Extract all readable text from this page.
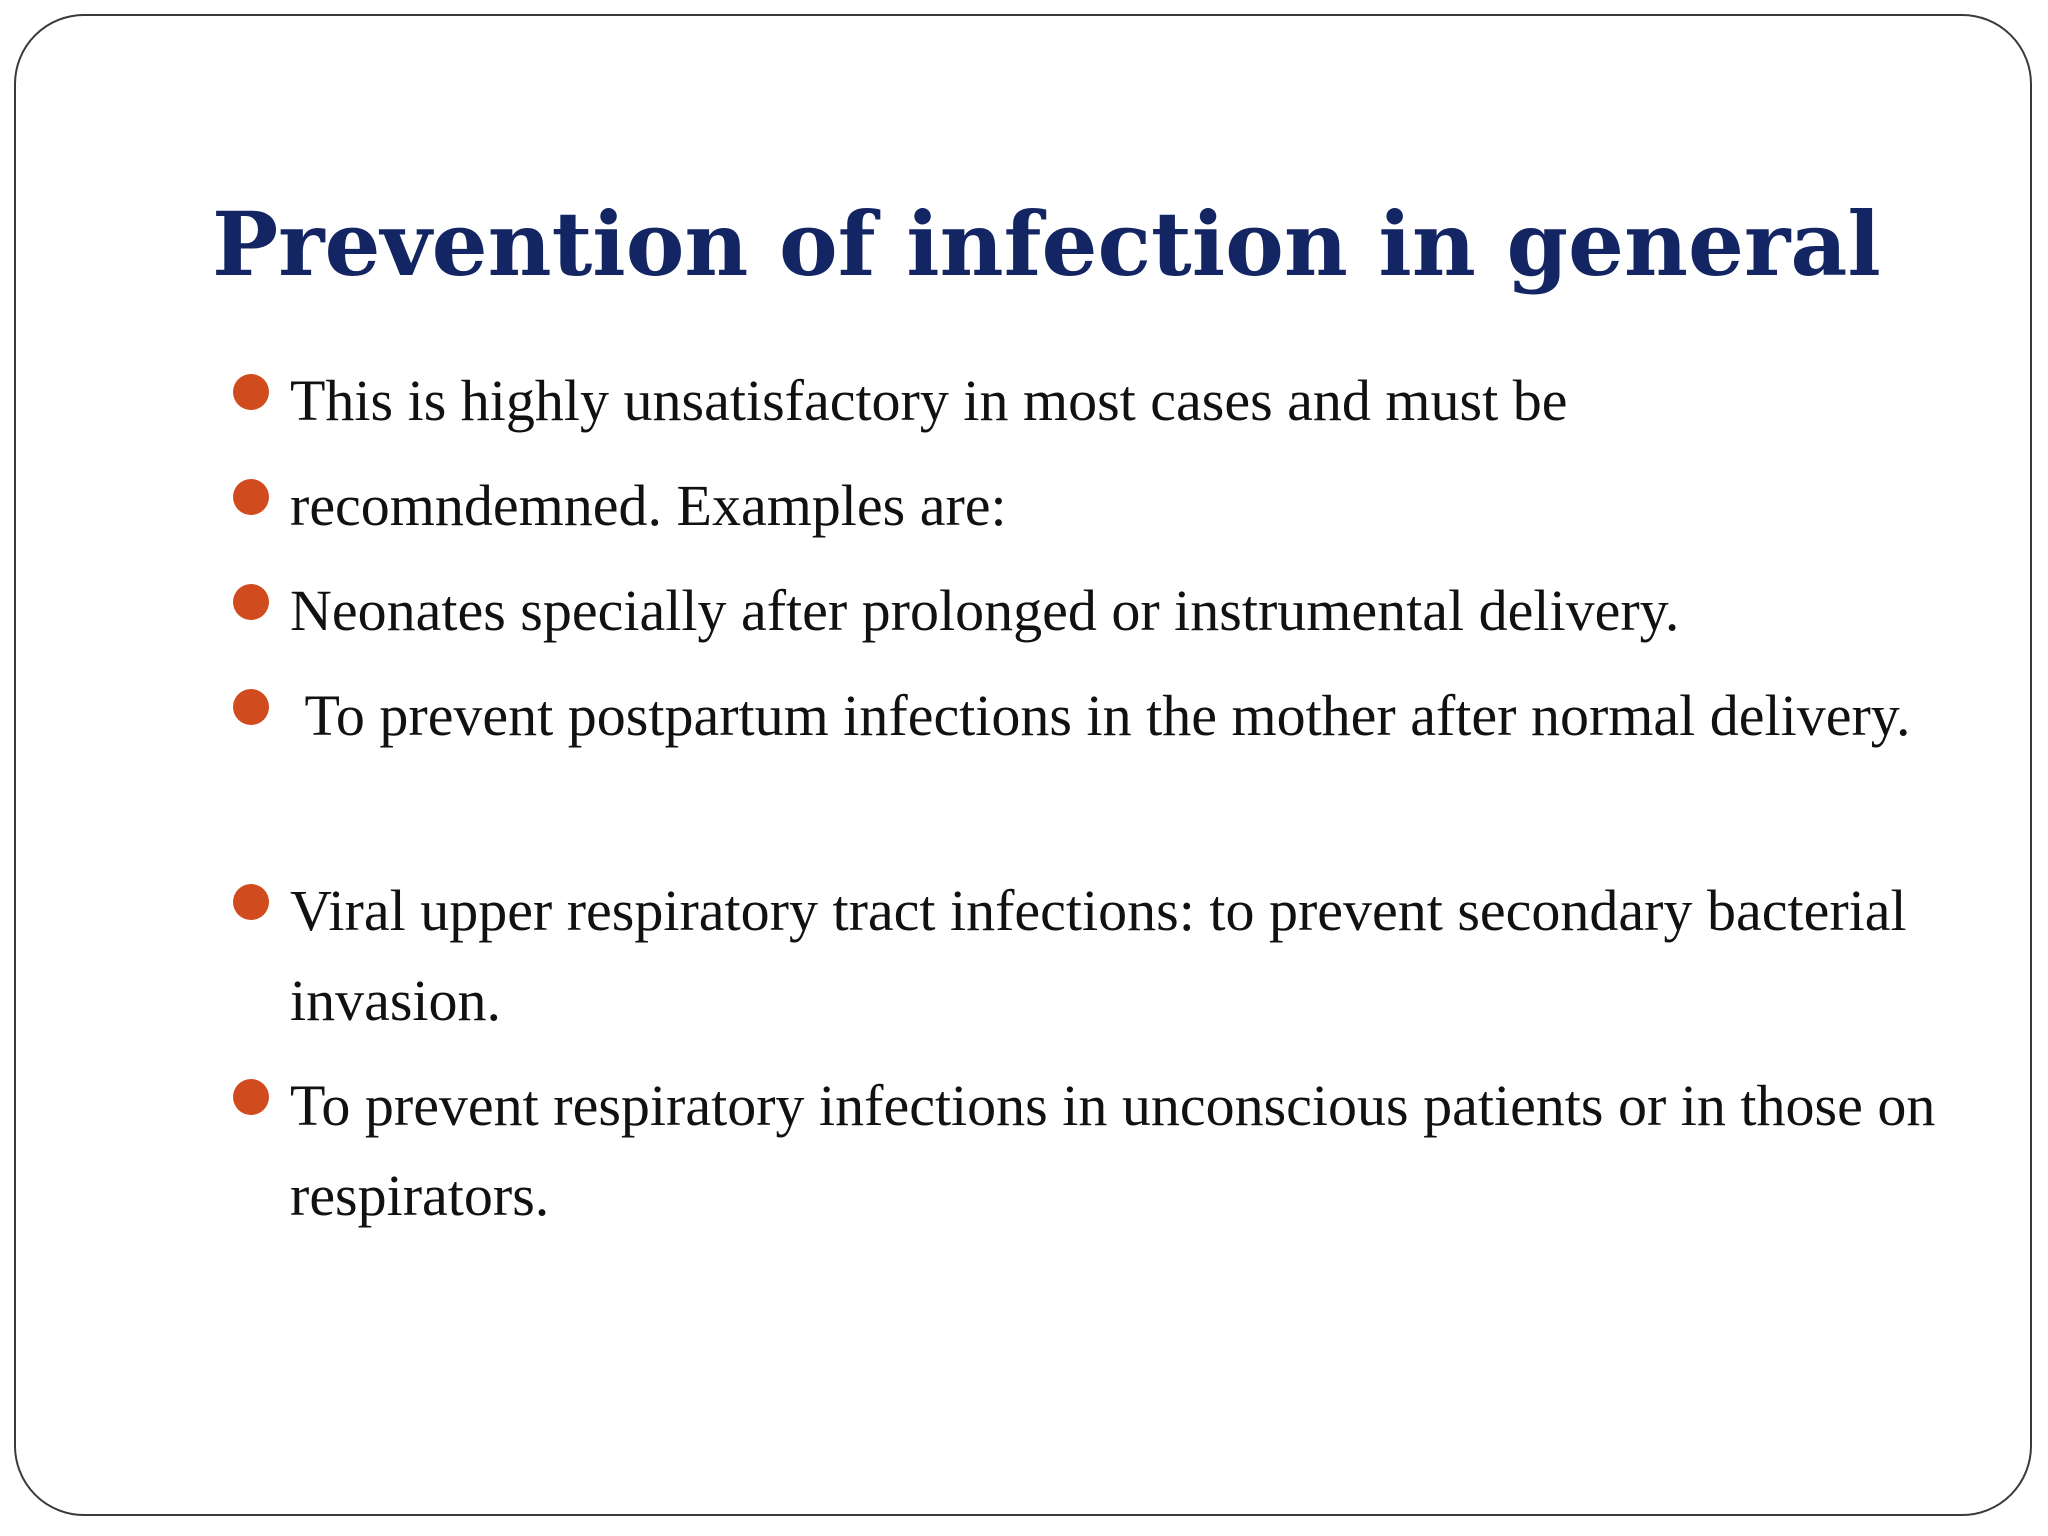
Prevention of infection in general
This is highly unsatisfactory in most cases and must be
recomndemned. Examples are:
Neonates specially after prolonged or instrumental delivery.
To prevent postpartum infections in the mother after normal delivery.
Viral upper respiratory tract infections: to prevent secondary bacterial invasion.
To prevent respiratory infections in unconscious patients or in those on respirators.
